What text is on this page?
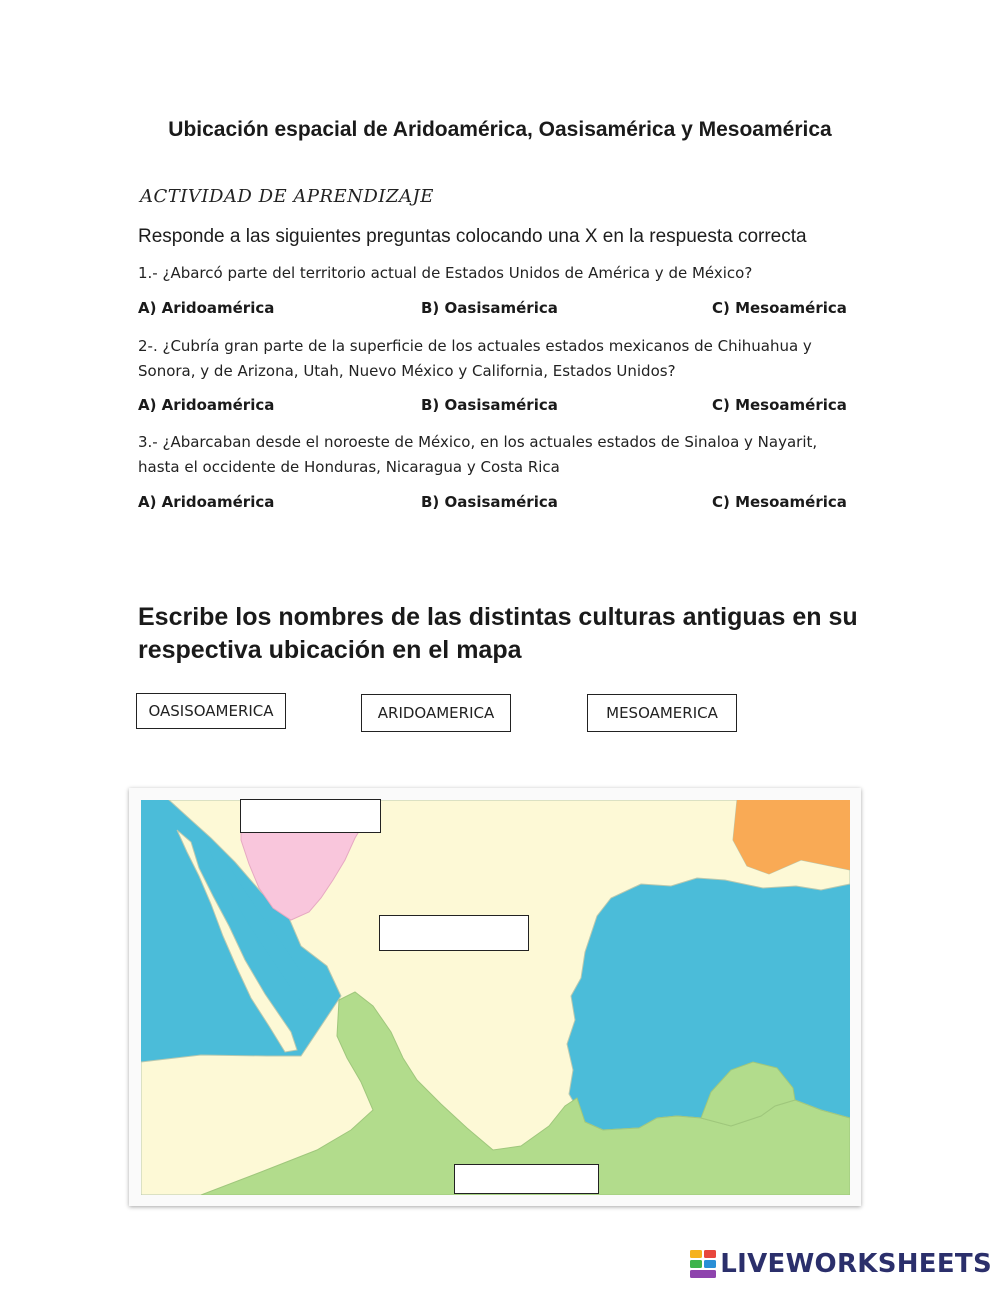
Ubicación espacial de Aridoamérica, Oasisamérica y Mesoamérica
ACTIVIDAD DE APRENDIZAJE
Responde a las siguientes preguntas colocando una X en la respuesta correcta
1.- ¿Abarcó parte del territorio actual de Estados Unidos de América y de México?
A) Aridoamérica	B) Oasisamérica	C) Mesoamérica
2-. ¿Cubría gran parte de la superficie de los actuales estados mexicanos de Chihuahua y Sonora, y de Arizona, Utah, Nuevo México y California, Estados Unidos?
A) Aridoamérica	B) Oasisamérica	C) Mesoamérica
3.- ¿Abarcaban desde el noroeste de México, en los actuales estados de Sinaloa y Nayarit, hasta el occidente de Honduras, Nicaragua y Costa Rica
A) Aridoamérica	B) Oasisamérica	C) Mesoamérica
Escribe los nombres de las distintas culturas antiguas en su respectiva ubicación en el mapa
OASISOAMERICA	ARIDOAMERICA	MESOAMERICA
LIVEWORKSHEETS
